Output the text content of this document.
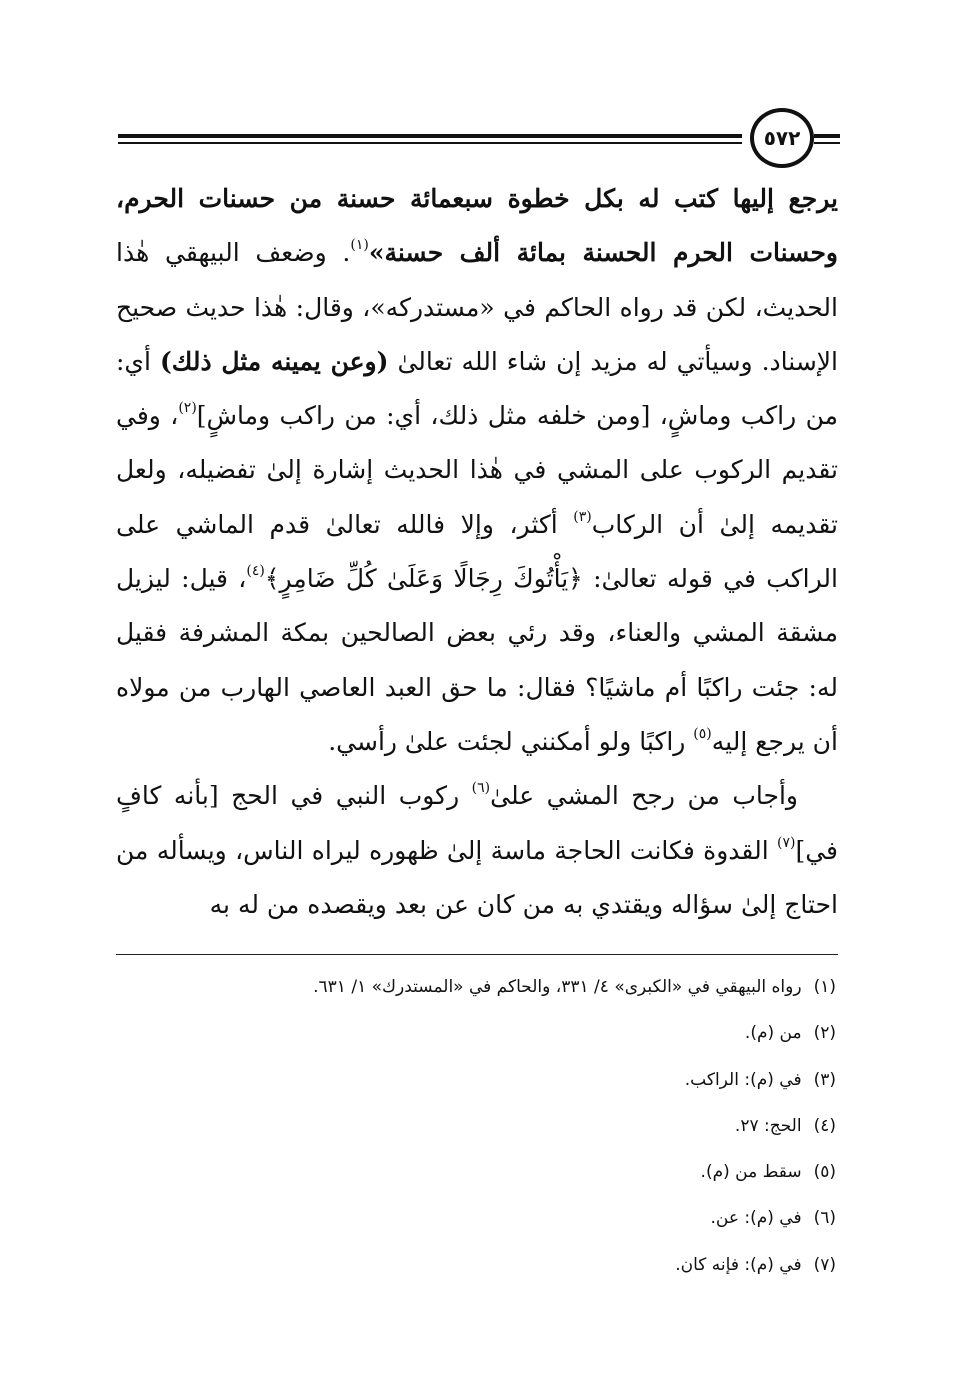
٥٧٢

يرجع إليها كتب له بكل خطوة سبعمائة حسنة من حسنات الحرم، وحسنات الحرم الحسنة بمائة ألف حسنة»$^{(١)}$. وضعف البيهقي هٰذا الحديث، لكن قد رواه الحاكم في «مستدركه»، وقال: هٰذا حديث صحيح الإسناد. وسيأتي له مزيد إن شاء الله تعالىٰ (وعن يمينه مثل ذلك) أي: من راكب وماشٍ، [ومن خلفه مثل ذلك، أي: من راكب وماشٍ]$^{(٢)}$، وفي تقديم الركوب على المشي في هٰذا الحديث إشارة إلىٰ تفضيله، ولعل تقديمه إلىٰ أن الركاب$^{(٣)}$ أكثر، وإلا فالله تعالىٰ قدم الماشي على الراكب في قوله تعالىٰ: ﴿يَأْتُوكَ رِجَالًا وَعَلَىٰ كُلِّ ضَامِرٍ﴾$^{(٤)}$، قيل: ليزيل مشقة المشي والعناء، وقد رئي بعض الصالحين بمكة المشرفة فقيل له: جئت راكبًا أم ماشيًا؟ فقال: ما حق العبد العاصي الهارب من مولاه أن يرجع إليه$^{(٥)}$ راكبًا ولو أمكنني لجئت علىٰ رأسي.

وأجاب من رجح المشي علىٰ$^{(٦)}$ ركوب النبي في الحج [بأنه كافٍ في]$^{(٧)}$ القدوة فكانت الحاجة ماسة إلىٰ ظهوره ليراه الناس، ويسأله من احتاج إلىٰ سؤاله ويقتدي به من كان عن بعد ويقصده من له به

(١)رواه البيهقي في «الكبرى» ٤/ ٣٣١، والحاكم في «المستدرك» ١/ ٦٣١.
(٢)من (م).
(٣)في (م): الراكب.
(٤)الحج: ٢٧.
(٥)سقط من (م).
(٦)في (م): عن.
(٧)في (م): فإنه كان.
